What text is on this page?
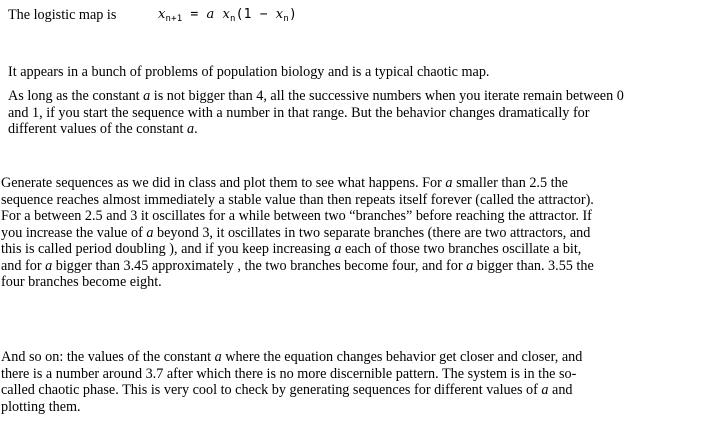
The logistic map is	$x_{n+1} = a$ $x_n(1 - x_n)$

It appears in a bunch of problems of population biology and is a typical chaotic map.

As long as the constant a is not bigger than 4, all the successive numbers when you iterate remain between 0
and 1, if you start the sequence with a number in that range. But the behavior changes dramatically for
different values of the constant a.

Generate sequences as we did in class and plot them to see what happens. For a smaller than 2.5 the
sequence reaches almost immediately a stable value than then repeats itself forever (called the attractor).
For a between 2.5 and 3 it oscillates for a while between two “branches” before reaching the attractor. If
you increase the value of a beyond 3, it oscillates in two separate branches (there are two attractors, and
this is called period doubling ), and if you keep increasing a each of those two branches oscillate a bit,
and for a bigger than 3.45 approximately , the two branches become four, and for a bigger than. 3.55 the
four branches become eight.

And so on: the values of the constant a where the equation changes behavior get closer and closer, and
there is a number around 3.7 after which there is no more discernible pattern. The system is in the so-
called chaotic phase. This is very cool to check by generating sequences for different values of a and
plotting them.
